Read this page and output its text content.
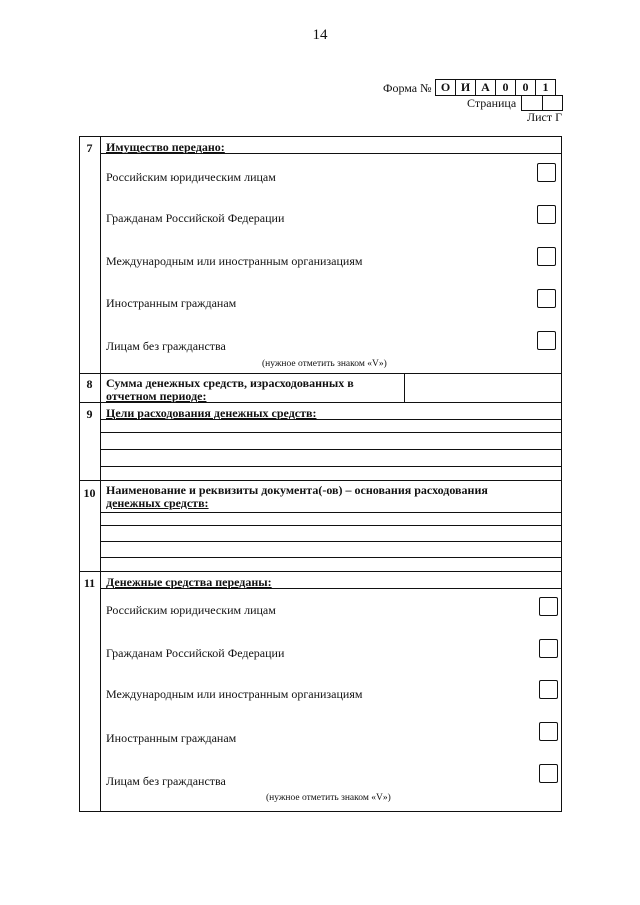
14
Форма № О И А	0	0	1
Страница
Лист Г
7	Имущество передано:
Российским юридическим лицам
Гражданам Российской Федерации
Международным или иностранным организациям
Иностранным гражданам
Лицам без гражданства
(нужное отметить знаком «V»)
8	Сумма денежных средств, израсходованных в
отчетном периоде:
9	Цели расходования денежных средств:
10 Наименование и реквизиты документа(-ов) – основания расходования
денежных средств:
11 Денежные средства переданы:
Российским юридическим лицам
Гражданам Российской Федерации
Международным или иностранным организациям
Иностранным гражданам
Лицам без гражданства
(нужное отметить знаком «V»)
